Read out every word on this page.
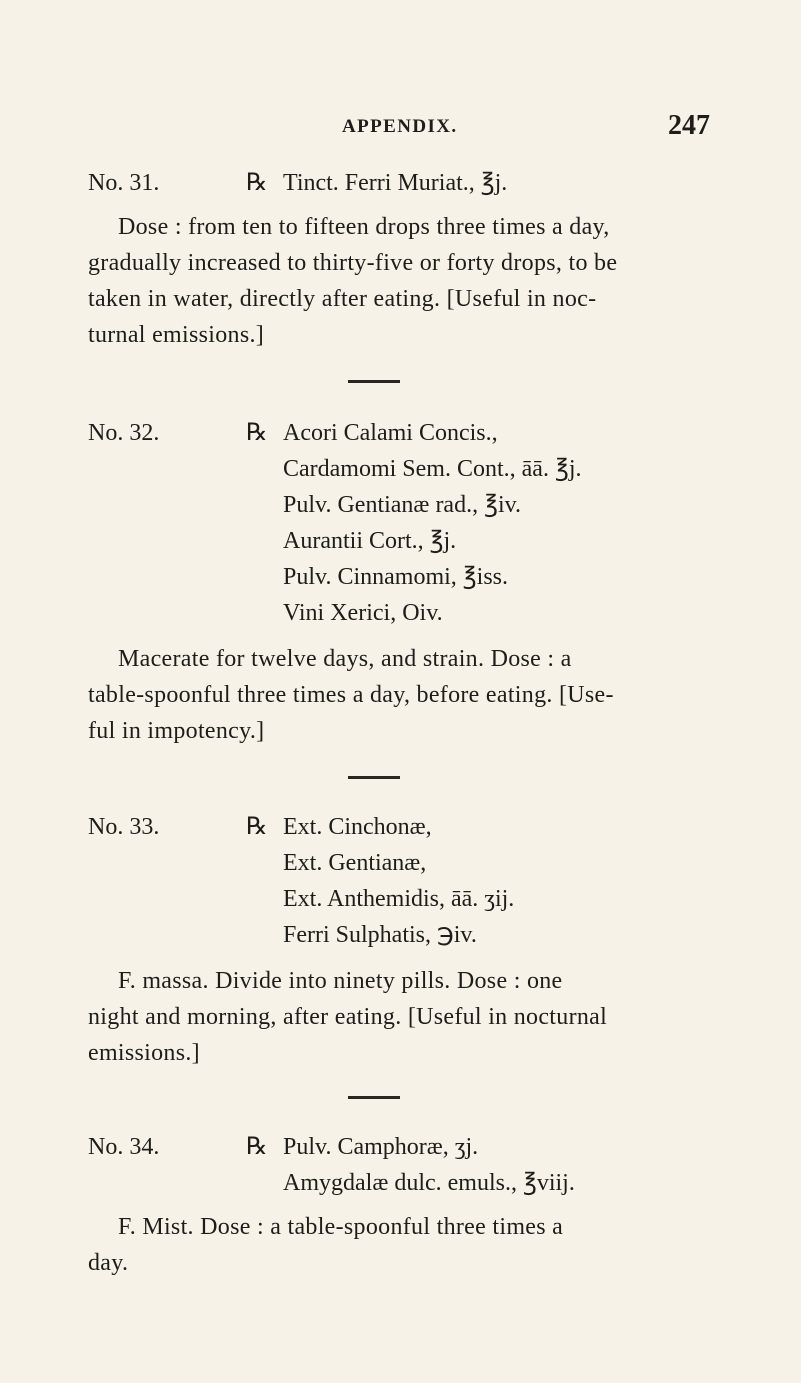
APPENDIX.	247
No. 31.	℞ Tinct. Ferri Muriat., ℥j.
Dose : from ten to fifteen drops three times a day,
gradually increased to thirty-five or forty drops, to be
taken in water, directly after eating. [Useful in noc-
turnal emissions.]
No. 32.	℞ Acori Calami Concis.,
Cardamomi Sem. Cont., āā. ℥j.
Pulv. Gentianæ rad., ℥iv.
Aurantii Cort., ℥j.
Pulv. Cinnamomi, ℥iss.
Vini Xerici, Oiv.
Macerate for twelve days, and strain. Dose : a
table-spoonful three times a day, before eating. [Use-
ful in impotency.]
No. 33.	℞ Ext. Cinchonæ,
Ext. Gentianæ,
Ext. Anthemidis, āā. ʒij.
Ferri Sulphatis, ℈iv.
F. massa. Divide into ninety pills. Dose : one
night and morning, after eating. [Useful in nocturnal
emissions.]
No. 34.	℞ Pulv. Camphoræ, ʒj.
Amygdalæ dulc. emuls., ℥viij.
F. Mist. Dose : a table-spoonful three times a
day.
